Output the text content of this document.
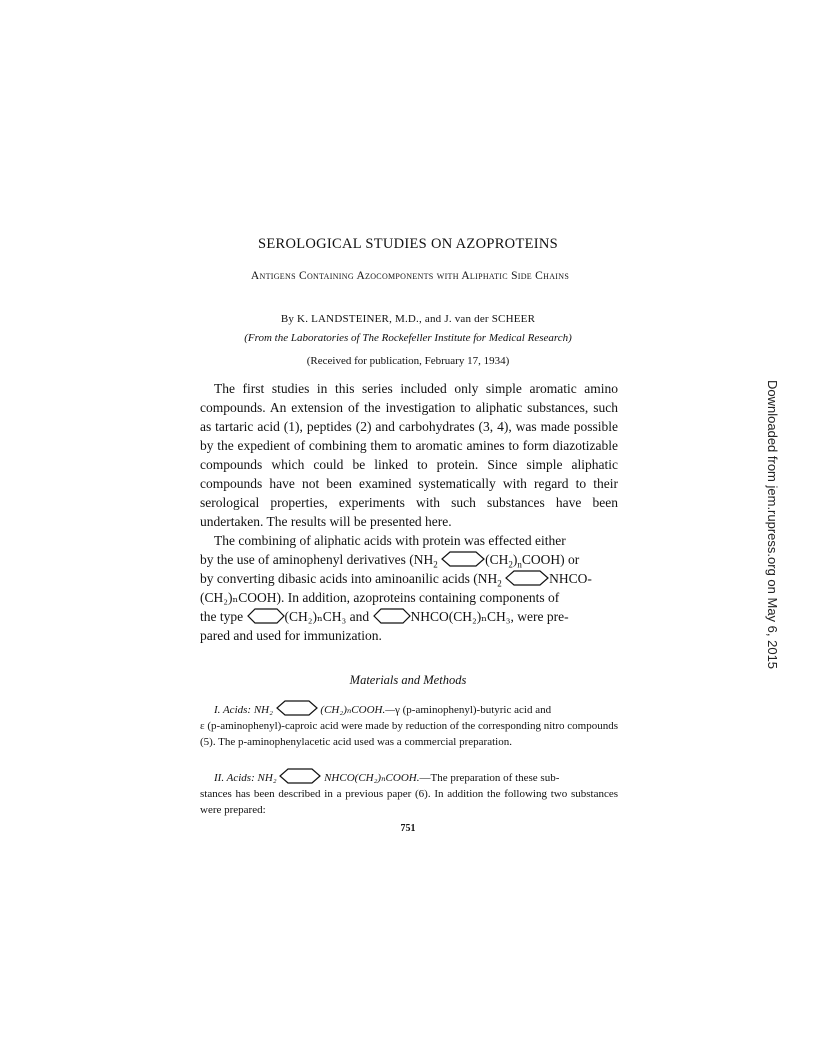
SEROLOGICAL STUDIES ON AZOPROTEINS
Antigens Containing Azocomponents with Aliphatic Side Chains
By K. LANDSTEINER, M.D., and J. van der SCHEER
(From the Laboratories of The Rockefeller Institute for Medical Research)
(Received for publication, February 17, 1934)

The first studies in this series included only simple aromatic amino compounds. An extension of the investigation to aliphatic substances, such as tartaric acid (1), peptides (2) and carbohydrates (3, 4), was made possible by the expedient of combining them to aromatic amines to form diazotizable compounds which could be linked to protein. Since simple aliphatic compounds have not been examined systematically with regard to their serological properties, experiments with such substances have been undertaken. The results will be presented here.

The combining of aliphatic acids with protein was effected either

by the use of aminophenyl derivatives ($NH_2$	$(CH_2)_nCOOH$) or
by converting dibasic acids into aminoanilic acids ($NH_2$	NHCO-
(CH₂)ₙCOOH). In addition, azoproteins containing components of
the type	(CH₂)ₙCH₃ and	NHCO(CH₂)ₙCH₃, were pre-
pared and used for immunization.
Materials and Methods

I. Acids: NH₂	(CH₂)ₙCOOH.—γ (p-aminophenyl)-butyric acid and

ε (p-aminophenyl)-caproic acid were made by reduction of the corresponding nitro compounds (5). The p-aminophenylacetic acid used was a commercial preparation.

II. Acids: NH₂	NHCO(CH₂)ₙCOOH.—The preparation of these sub-

stances has been described in a previous paper (6). In addition the following two substances were prepared:

751
Downloaded from jem.rupress.org on May 6, 2015
